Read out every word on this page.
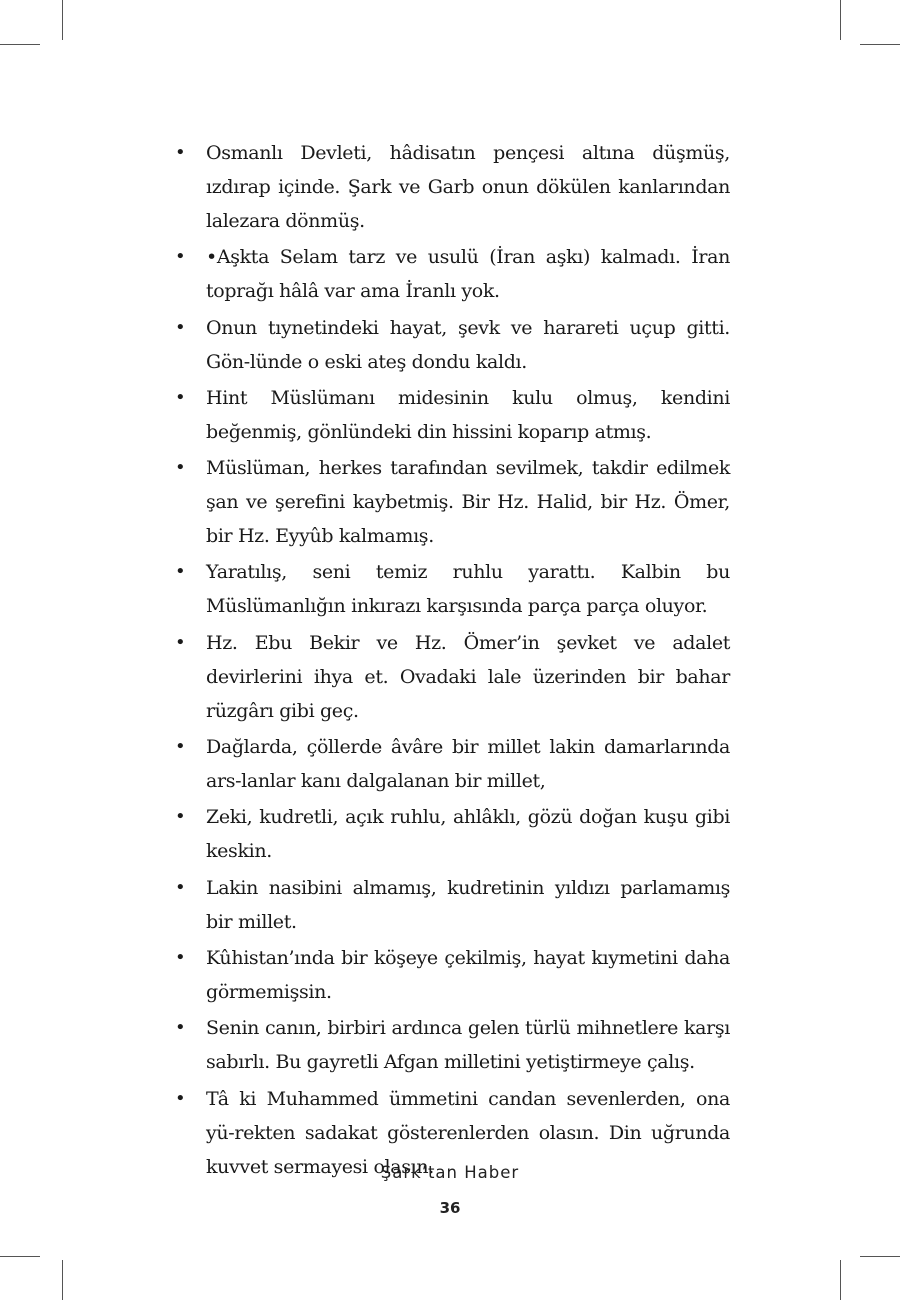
• Osmanlı Devleti, hâdisatın pençesi altına düşmüş, ızdırap içinde. Şark ve Garb onun dökülen kanlarından lalezara dönmüş.
• •Aşkta Selam tarz ve usulü (İran aşkı) kalmadı. İran toprağı hâlâ var ama İranlı yok.
• Onun tıynetindeki hayat, şevk ve harareti uçup gitti. Gön-lünde o eski ateş dondu kaldı.
• Hint Müslümanı midesinin kulu olmuş, kendini beğenmiş, gönlündeki din hissini koparıp atmış.
• Müslüman, herkes tarafından sevilmek, takdir edilmek şan ve şerefini kaybetmiş. Bir Hz. Halid, bir Hz. Ömer, bir Hz. Eyyûb kalmamış.
• Yaratılış, seni temiz ruhlu yarattı. Kalbin bu Müslümanlığın inkırazı karşısında parça parça oluyor.
• Hz. Ebu Bekir ve Hz. Ömer’in şevket ve adalet devirlerini ihya et. Ovadaki lale üzerinden bir bahar rüzgârı gibi geç.
• Dağlarda, çöllerde âvâre bir millet lakin damarlarında ars-lanlar kanı dalgalanan bir millet,
• Zeki, kudretli, açık ruhlu, ahlâklı, gözü doğan kuşu gibi keskin.
• Lakin nasibini almamış, kudretinin yıldızı parlamamış bir millet.
• Kûhistan’ında bir köşeye çekilmiş, hayat kıymetini daha görmemişsin.
• Senin canın, birbiri ardınca gelen türlü mihnetlere karşı sabırlı. Bu gayretli Afgan milletini yetiştirmeye çalış.
• Tâ ki Muhammed ümmetini candan sevenlerden, ona yü-rekten sadakat gösterenlerden olasın. Din uğrunda kuvvet sermayesi olasın.
Şark’tan Haber
36
